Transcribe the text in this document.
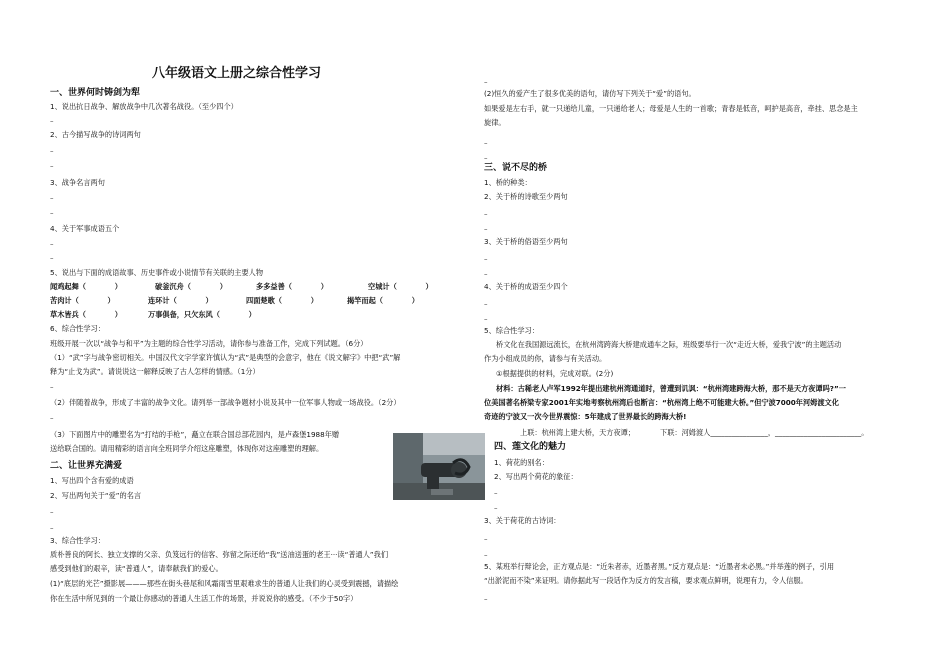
八年级语文上册之综合性学习
一、世界何时铸剑为犁
1、说出抗日战争、解放战争中几次著名战役。（至少四个）
–
2、古今描写战争的诗词两句
–
–
3、战争名言两句
–
–
4、关于军事成语五个
–
–
5、说出与下面的成语故事、历史事件或小说情节有关联的主要人物
闻鸡起舞（　　　　）	破釜沉舟（　　　　）	多多益善（　　　　）	空城计（　　　　）
苦肉计（　　　　）	连环计（　　　　）	四面楚歌（　　　　）	揭竿而起（　　　　）
草木皆兵（　　　　）	万事俱备，只欠东风（　　　　）
6、综合性学习：
班级开展一次以“战争与和平”为主题的综合性学习活动，请你参与准备工作，完成下列试题。（6分）
（1）“武”字与战争密切相关。中国汉代文字学家许慎认为“武”是典型的会意字，他在《说文解字》中把“武”解
释为“止戈为武”。请说说这一解释反映了古人怎样的情感。（1分）
–
（2）伴随着战争，形成了丰富的战争文化。请列举一部战争题材小说及其中一位军事人物或一场战役。（2分）
–
（3）下面图片中的雕塑名为“打结的手枪”，矗立在联合国总部花园内，是卢森堡1988年赠
送给联合国的。请用精彩的语言向全班同学介绍这座雕塑，体现你对这座雕塑的理解。
二、让世界充满爱
1、写出四个含有爱的成语
2、写出两句关于“爱”的名言
–
–
3、综合性学习：
质朴善良的阿长、独立支撑的父亲、负笈远行的信客、弥留之际还给“我”送油送蛋的老王···读“普通人”我们
感受到他们的艰辛，读“普通人”，请奉献我们的爱心。
(1)“底层的光芒”摄影展———那些在街头巷尾和风霜雨雪里艰难求生的普通人让我们的心灵受到震撼，请描绘
你在生活中所见到的一个最让你感动的普通人生活工作的场景，并说说你的感受。（不少于50字）
–
(2)恒久的爱产生了很多优美的语句，请仿写下列关于“爱”的语句。
如果爱是左右手，就一只递给儿童，一只递给老人；母爱是人生的一首歌；青春是低音，呵护是高音，牵挂、思念是主
旋律。
–
–
三、说不尽的桥
1、桥的种类：
2、关于桥的诗歌至少两句
–
–
3、关于桥的俗语至少两句
–
–
4、关于桥的成语至少四个
–
–
5、综合性学习：
桥文化在我国源远流长，在杭州湾跨海大桥建成通车之际，班级要举行一次“走近大桥，爱我宁波”的主题活动
作为小组成员的你，请参与有关活动。
①根据提供的材料，完成对联。(2分)
材料：古稀老人卢军1992年提出建杭州湾通道时，曾遭到讥讽：“杭州湾建跨海大桥，那不是天方夜谭吗?”一
位美国著名桥梁专家2001年实地考察杭州湾后也断言：“杭州湾上绝不可能建大桥。”但宁波7000年河姆渡文化
奇迹的宁波又一次今世界震惊：5年建成了世界最长的跨海大桥!
上联：杭州湾上建大桥，天方夜谭；	下联：河姆渡人________________，________________________。
四、莲文化的魅力
1、荷花的别名：
2、写出两个荷花的象征：
–
–
3、关于荷花的古诗词：
–
–
5、某班举行辩论会，正方观点是：“近朱者赤，近墨者黑。”反方观点是：“近墨者未必黑。”并举莲的例子，引用
“出淤泥而不染”来证明。请你据此写一段话作为反方的发言稿，要求观点鲜明，说理有力，令人信服。
–
